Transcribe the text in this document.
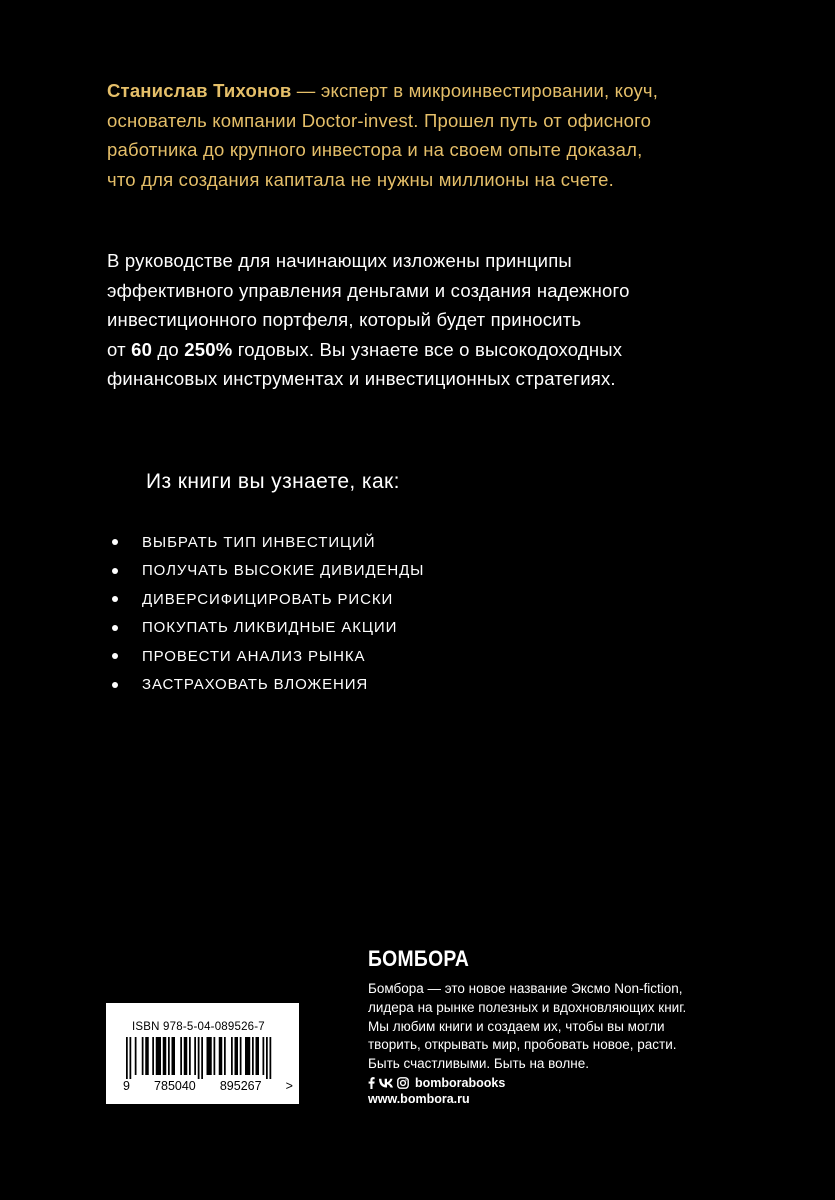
Станислав Тихонов — эксперт в микроинвестировании, коуч,
основатель компании Doctor-invest. Прошел путь от офисного
работника до крупного инвестора и на своем опыте доказал,
что для создания капитала не нужны миллионы на счете.
В руководстве для начинающих изложены принципы
эффективного управления деньгами и создания надежного
инвестиционного портфеля, который будет приносить
от 60 до 250% годовых. Вы узнаете все о высокодоходных
финансовых инструментах и инвестиционных стратегиях.
Из книги вы узнаете, как:
ВЫБРАТЬ ТИП ИНВЕСТИЦИЙ
ПОЛУЧАТЬ ВЫСОКИЕ ДИВИДЕНДЫ
ДИВЕРСИФИЦИРОВАТЬ РИСКИ
ПОКУПАТЬ ЛИКВИДНЫЕ АКЦИИ
ПРОВЕСТИ АНАЛИЗ РЫНКА
ЗАСТРАХОВАТЬ ВЛОЖЕНИЯ
ISBN 978-5-04-089526-7
9 785040 895267 >
БОМБОРА
Бомбора — это новое название Эксмо Non-fiction,
лидера на рынке полезных и вдохновляющих книг.
Мы любим книги и создаем их, чтобы вы могли
творить, открывать мир, пробовать новое, расти.
Быть счастливыми. Быть на волне.
bomborabooks
www.bombora.ru
